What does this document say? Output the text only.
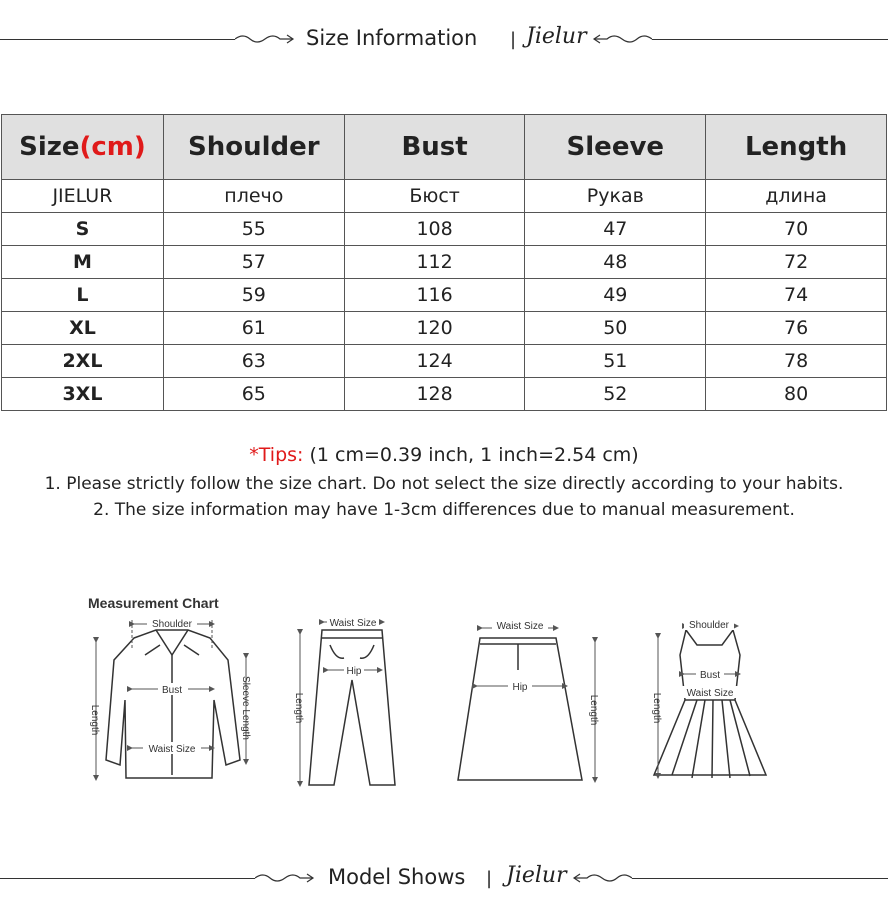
Size Information | Jielur
Size(cm)	Shoulder	Bust	Sleeve	Length
JIELUR	плечо	Бюст	Рукав	длина
S	55	108	47	70
M	57	112	48	72
L	59	116	49	74
XL	61	120	50	76
2XL	63	124	51	78
3XL	65	128	52	80
*Tips: (1 cm=0.39 inch, 1 inch=2.54 cm)
1. Please strictly follow the size chart. Do not select the size directly according to your habits.
2. The size information may have 1-3cm differences due to manual measurement.
Measurement Chart
Shoulder
Bust
Waist Size
Length	Sleeve Length
Waist Size
Hip
Length
Waist Size
Hip
Length
Shoulder
Bust
Waist Size
Length
Model Shows | Jielur
